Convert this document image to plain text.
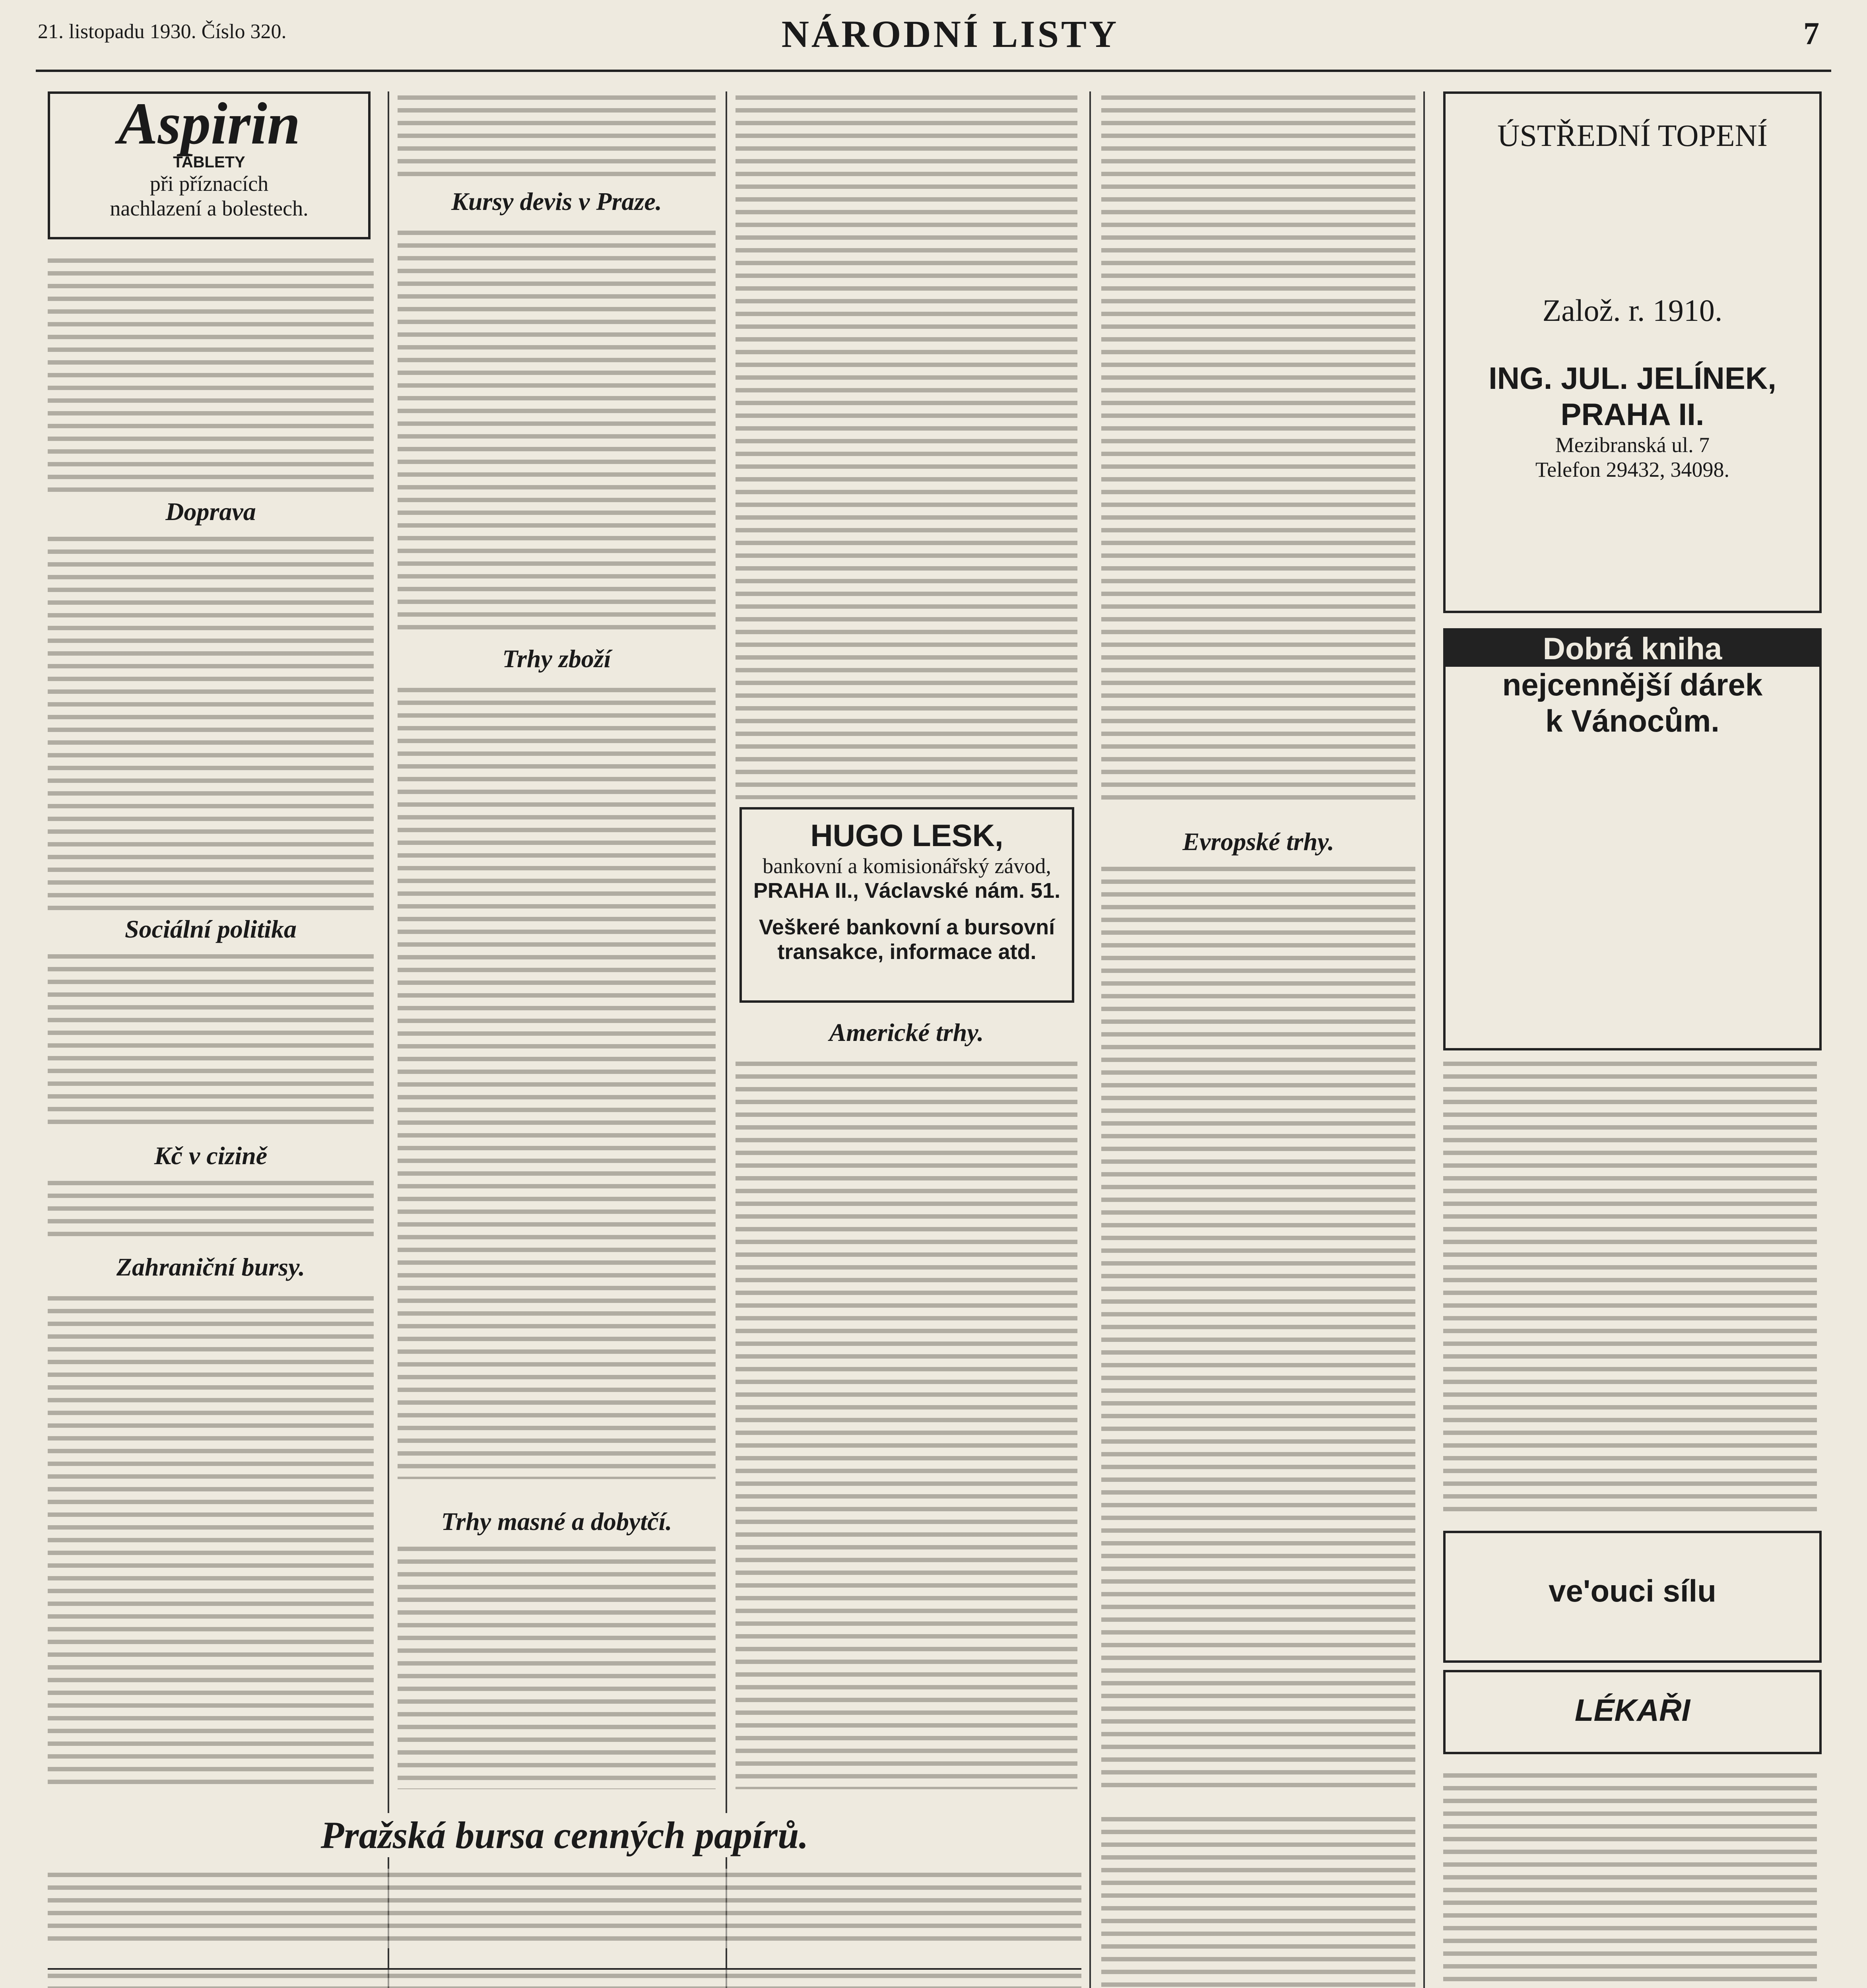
21. listopadu 1930. Číslo 320.	NÁRODNÍ LISTY	7
Aspirin
TABLETY
při příznacích
nachlazení a bolestech.
Doprava
Sociální politika
Kč v cizině
Zahraniční bursy.
Kursy devis v Praze.
Trhy zboží
Trhy masné a dobytčí.
HUGO LESK,
bankovní a komisionářský závod,
PRAHA II., Václavské nám. 51.
Veškeré bankovní a bursovní transakce, informace atd.
Americké trhy.
Evropské trhy.
ÚSTŘEDNÍ TOPENÍ
Založ. r. 1910.
ING. JUL. JELÍNEK,
PRAHA II.
Mezibranská ul. 7
Telefon 29432, 34098.
Dobrá kniha
nejcennější dárek
k Vánocům.
ve'ouci sílu
LÉKAŘI
Pražská bursa cenných papírů.
